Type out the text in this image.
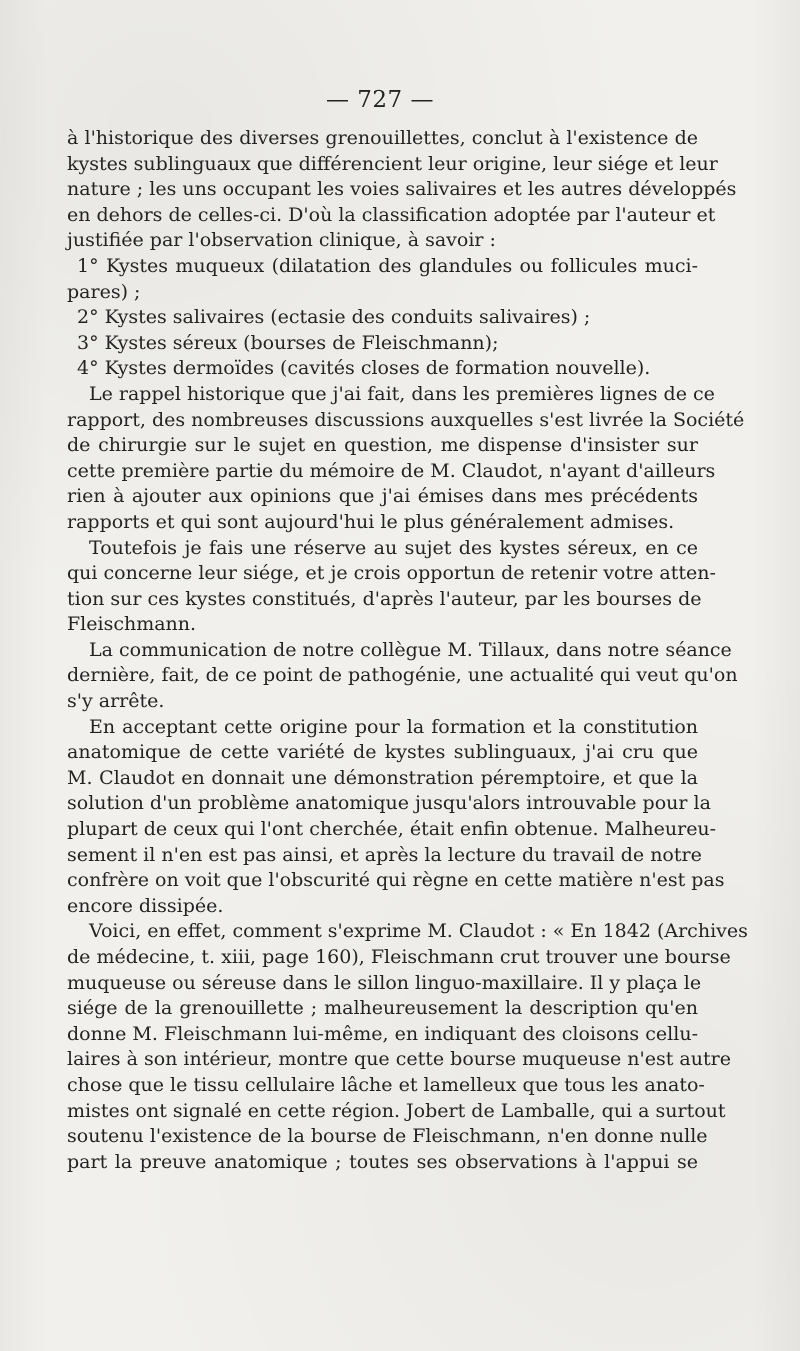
— 727 —
à l'historique des diverses grenouillettes, conclut à l'existence de
kystes sublinguaux que différencient leur origine, leur siége et leur
nature ; les uns occupant les voies salivaires et les autres développés
en dehors de celles-ci. D'où la classification adoptée par l'auteur et
justifiée par l'observation clinique, à savoir :
1° Kystes muqueux (dilatation des glandules ou follicules muci-
pares) ;
2° Kystes salivaires (ectasie des conduits salivaires) ;
3° Kystes séreux (bourses de Fleischmann);
4° Kystes dermoïdes (cavités closes de formation nouvelle).
Le rappel historique que j'ai fait, dans les premières lignes de ce
rapport, des nombreuses discussions auxquelles s'est livrée la Société
de chirurgie sur le sujet en question, me dispense d'insister sur
cette première partie du mémoire de M. Claudot, n'ayant d'ailleurs
rien à ajouter aux opinions que j'ai émises dans mes précédents
rapports et qui sont aujourd'hui le plus généralement admises.
Toutefois je fais une réserve au sujet des kystes séreux, en ce
qui concerne leur siége, et je crois opportun de retenir votre atten-
tion sur ces kystes constitués, d'après l'auteur, par les bourses de
Fleischmann.
La communication de notre collègue M. Tillaux, dans notre séance
dernière, fait, de ce point de pathogénie, une actualité qui veut qu'on
s'y arrête.
En acceptant cette origine pour la formation et la constitution
anatomique de cette variété de kystes sublinguaux, j'ai cru que
M. Claudot en donnait une démonstration péremptoire, et que la
solution d'un problème anatomique jusqu'alors introuvable pour la
plupart de ceux qui l'ont cherchée, était enfin obtenue. Malheureu-
sement il n'en est pas ainsi, et après la lecture du travail de notre
confrère on voit que l'obscurité qui règne en cette matière n'est pas
encore dissipée.
Voici, en effet, comment s'exprime M. Claudot : « En 1842 (Archives
de médecine, t. xiii, page 160), Fleischmann crut trouver une bourse
muqueuse ou séreuse dans le sillon linguo-maxillaire. Il y plaça le
siége de la grenouillette ; malheureusement la description qu'en
donne M. Fleischmann lui-même, en indiquant des cloisons cellu-
laires à son intérieur, montre que cette bourse muqueuse n'est autre
chose que le tissu cellulaire lâche et lamelleux que tous les anato-
mistes ont signalé en cette région. Jobert de Lamballe, qui a surtout
soutenu l'existence de la bourse de Fleischmann, n'en donne nulle
part la preuve anatomique ; toutes ses observations à l'appui se
